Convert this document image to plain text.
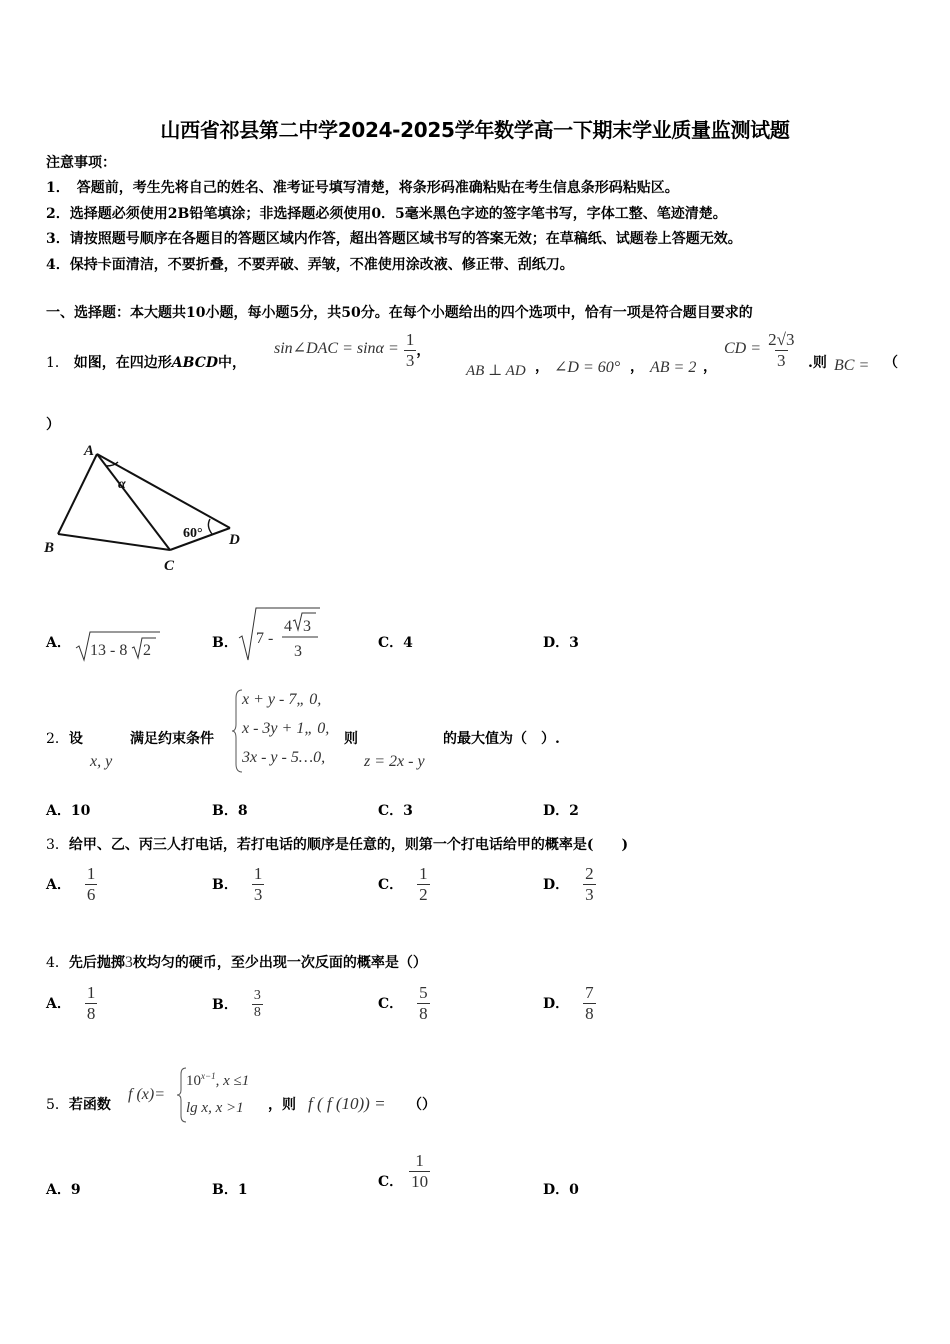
山西省祁县第二中学2024-2025学年数学高一下期末学业质量监测试题
注意事项：
1．　答题前，考生先将自己的姓名、准考证号填写清楚，将条形码准确粘贴在考生信息条形码粘贴区。
2．选择题必须使用2B铅笔填涂；非选择题必须使用0．5毫米黑色字迹的签字笔书写，字体工整、笔迹清楚。
3．请按照题号顺序在各题目的答题区域内作答，超出答题区域书写的答案无效；在草稿纸、试题卷上答题无效。
4．保持卡面清洁，不要折叠，不要弄破、弄皱，不准使用涂改液、修正带、刮纸刀。
一、选择题：本大题共10小题，每小题5分，共50分。在每个小题给出的四个选项中，恰有一项是符合题目要求的
1． 如图，在四边形ABCD中，
sin∠DAC = $\sin\alpha = \frac{1}{3}$ ，
AB ⊥ AD ， ∠D = 60° ， AB = 2 ，
CD = $\frac{2√3}{3}$ .则 BC = （
）
A
B
C
D
α
60°
A． 13 - 8 2	B． 7 -
4 3
3	C．4	D．3
2．设
x, y
满足约束条件
x + y - 7„ 0,
x - 3y + 1„ 0,
3x - y - 5…0,
则
z = 2x - y
的最大值为（　）.
A．10	B．8	C．3	D．2
3．给甲、乙、丙三人打电话，若打电话的顺序是任意的，则第一个打电话给甲的概率是(　　)
A． $\frac{1}{6}$	B． $\frac{1}{3}$	C． $\frac{1}{2}$	D． $\frac{2}{3}$
4．先后抛掷3枚均匀的硬币，至少出现一次反面的概率是（）
A． $\frac{1}{8}$	B． $\frac{3}{8}$	C． $\frac{5}{8}$	D． $\frac{7}{8}$
5．若函数
f (x)=
$10^{x-1}$, x ≤1
lg x, x >1 ，则 f ( f (10)) = （）
A．9	B．1	C． $\frac{1}{10}$	D．0
